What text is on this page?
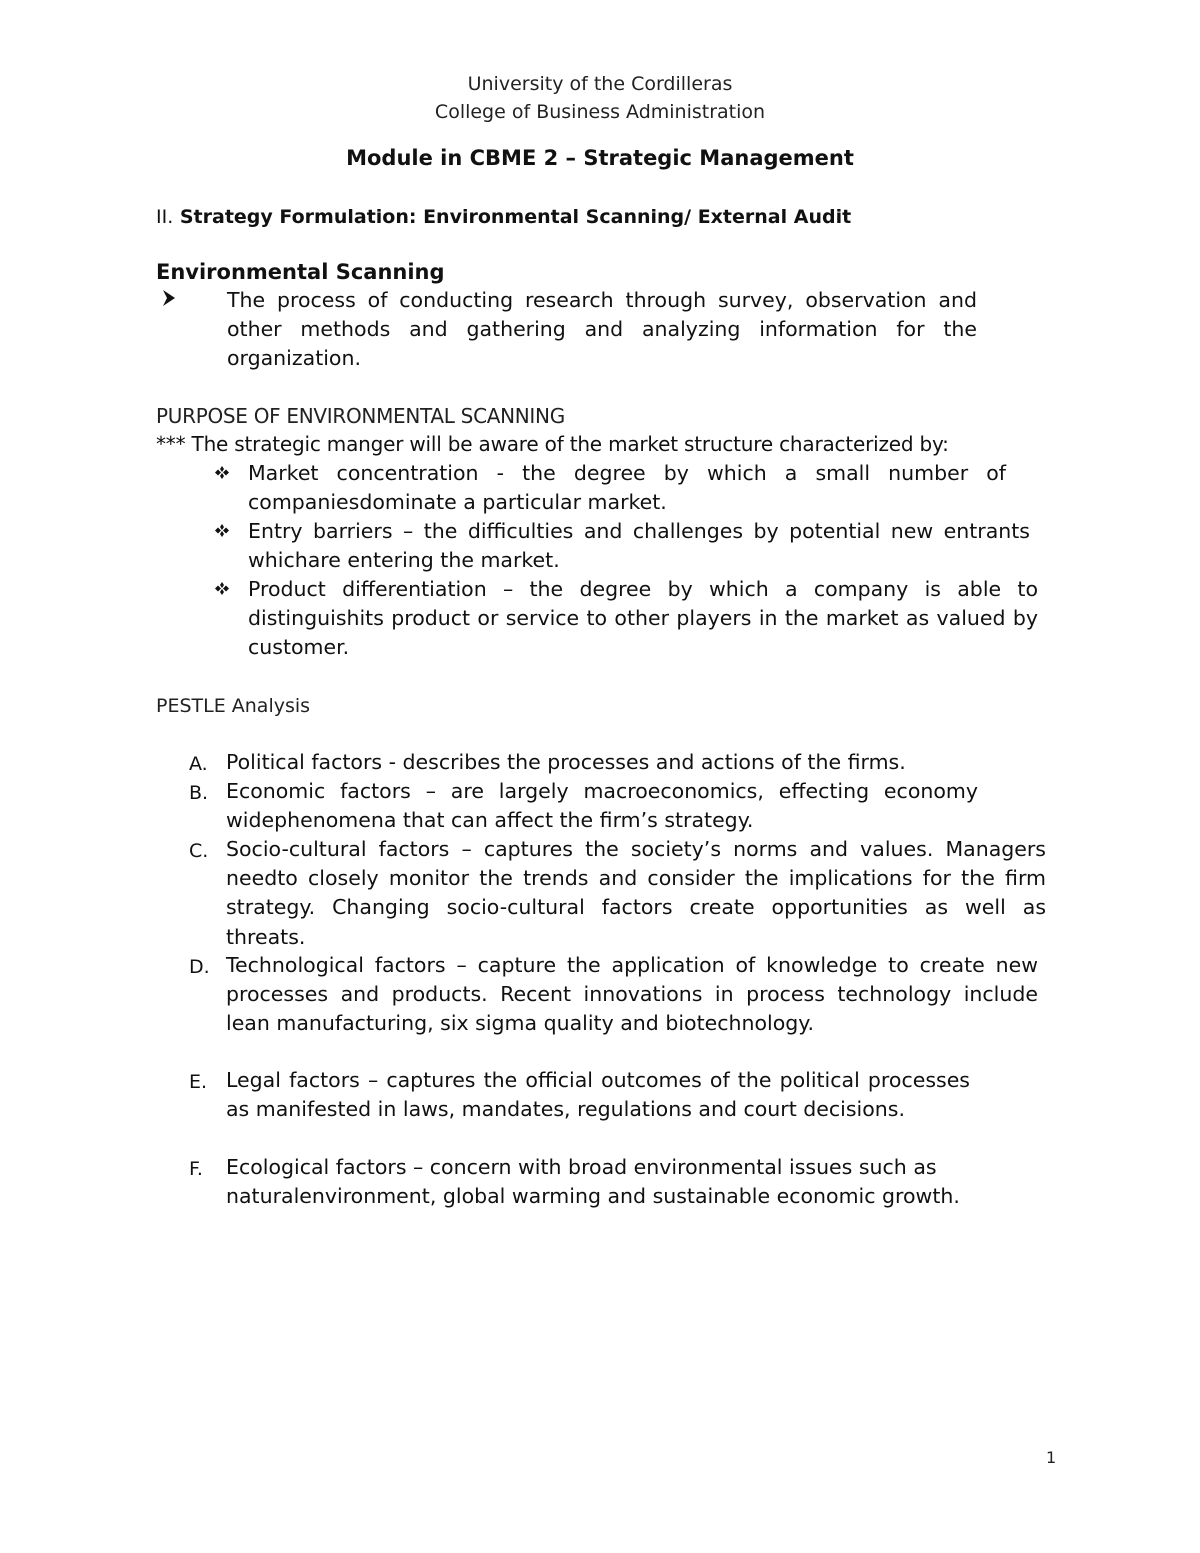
University of the Cordilleras
College of Business Administration
Module in CBME 2 – Strategic Management
II. Strategy Formulation: Environmental Scanning/ External Audit
Environmental Scanning
The process of conducting research through survey, observation and other methods and gathering and analyzing information for the organization.
PURPOSE OF ENVIRONMENTAL SCANNING
*** The strategic manger will be aware of the market structure characterized by:
Market concentration - the degree by which a small number of companiesdominate a particular market.
Entry barriers – the difficulties and challenges by potential new entrants whichare entering the market.
Product differentiation – the degree by which a company is able to distinguishits product or service to other players in the market as valued by customer.
PESTLE Analysis
A. Political factors - describes the processes and actions of the firms.
B. Economic factors – are largely macroeconomics, effecting economy widephenomena that can affect the firm’s strategy.
C. Socio-cultural factors – captures the society’s norms and values. Managers needto closely monitor the trends and consider the implications for the firm strategy. Changing socio-cultural factors create opportunities as well as threats.
D. Technological factors – capture the application of knowledge to create new processes and products. Recent innovations in process technology include lean manufacturing, six sigma quality and biotechnology.
E. Legal factors – captures the official outcomes of the political processes as manifested in laws, mandates, regulations and court decisions.
F. Ecological factors – concern with broad environmental issues such as naturalenvironment, global warming and sustainable economic growth.
1
